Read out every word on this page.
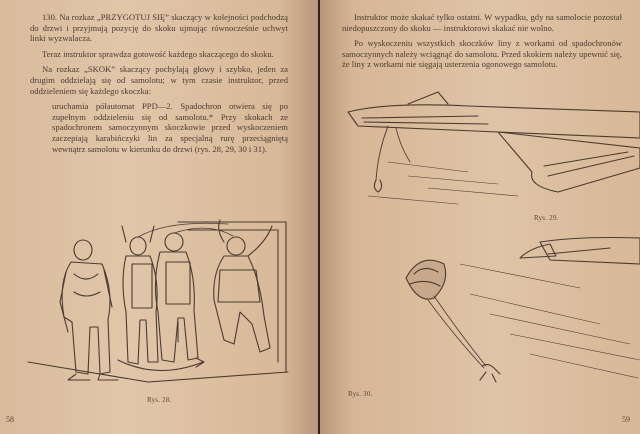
130. Na rozkaz „PRZYGOTUJ SIĘ” skaczący w kolejności podchodzą do drzwi i przyjmują pozycję do skoku ujmując równocześnie uchwyt linki wyzwalacza.

Teraz instruktor sprawdza gotowość każdego skaczącego do skoku.

Na rozkaz „SKOK” skaczący pochylają głowy i szybko, jeden za drugim oddzielają się od samolotu; w tym czasie instruktor, przed oddzieleniem się każdego skoczka:

uruchamia półautomat PPD—2. Spadochron otwiera się po zupełnym oddzieleniu się od samolotu.* Przy skokach ze spadochronem samoczynnym skoczkowie przed wyskoczeniem zaczepiają karabińczyki lin za specjalną rurę przeciągniętą wewnątrz samolotu w kierunku do drzwi (rys. 28, 29, 30 i 31).

Rys. 28.
58

Instruktor może skakać tylko ostatni. W wypadku, gdy na samolocie pozostał niedopuszczony do skoku — instruktorowi skakać nie wolno.

Po wyskoczeniu wszystkich skoczków liny z workami od spadochronów samoczynnych należy wciągnąć do samolotu. Przed skokiem należy upewnić się, że liny z workami nie sięgają usterzenia ogonowego samolotu.

Rys. 29.
Rys. 30.
59
